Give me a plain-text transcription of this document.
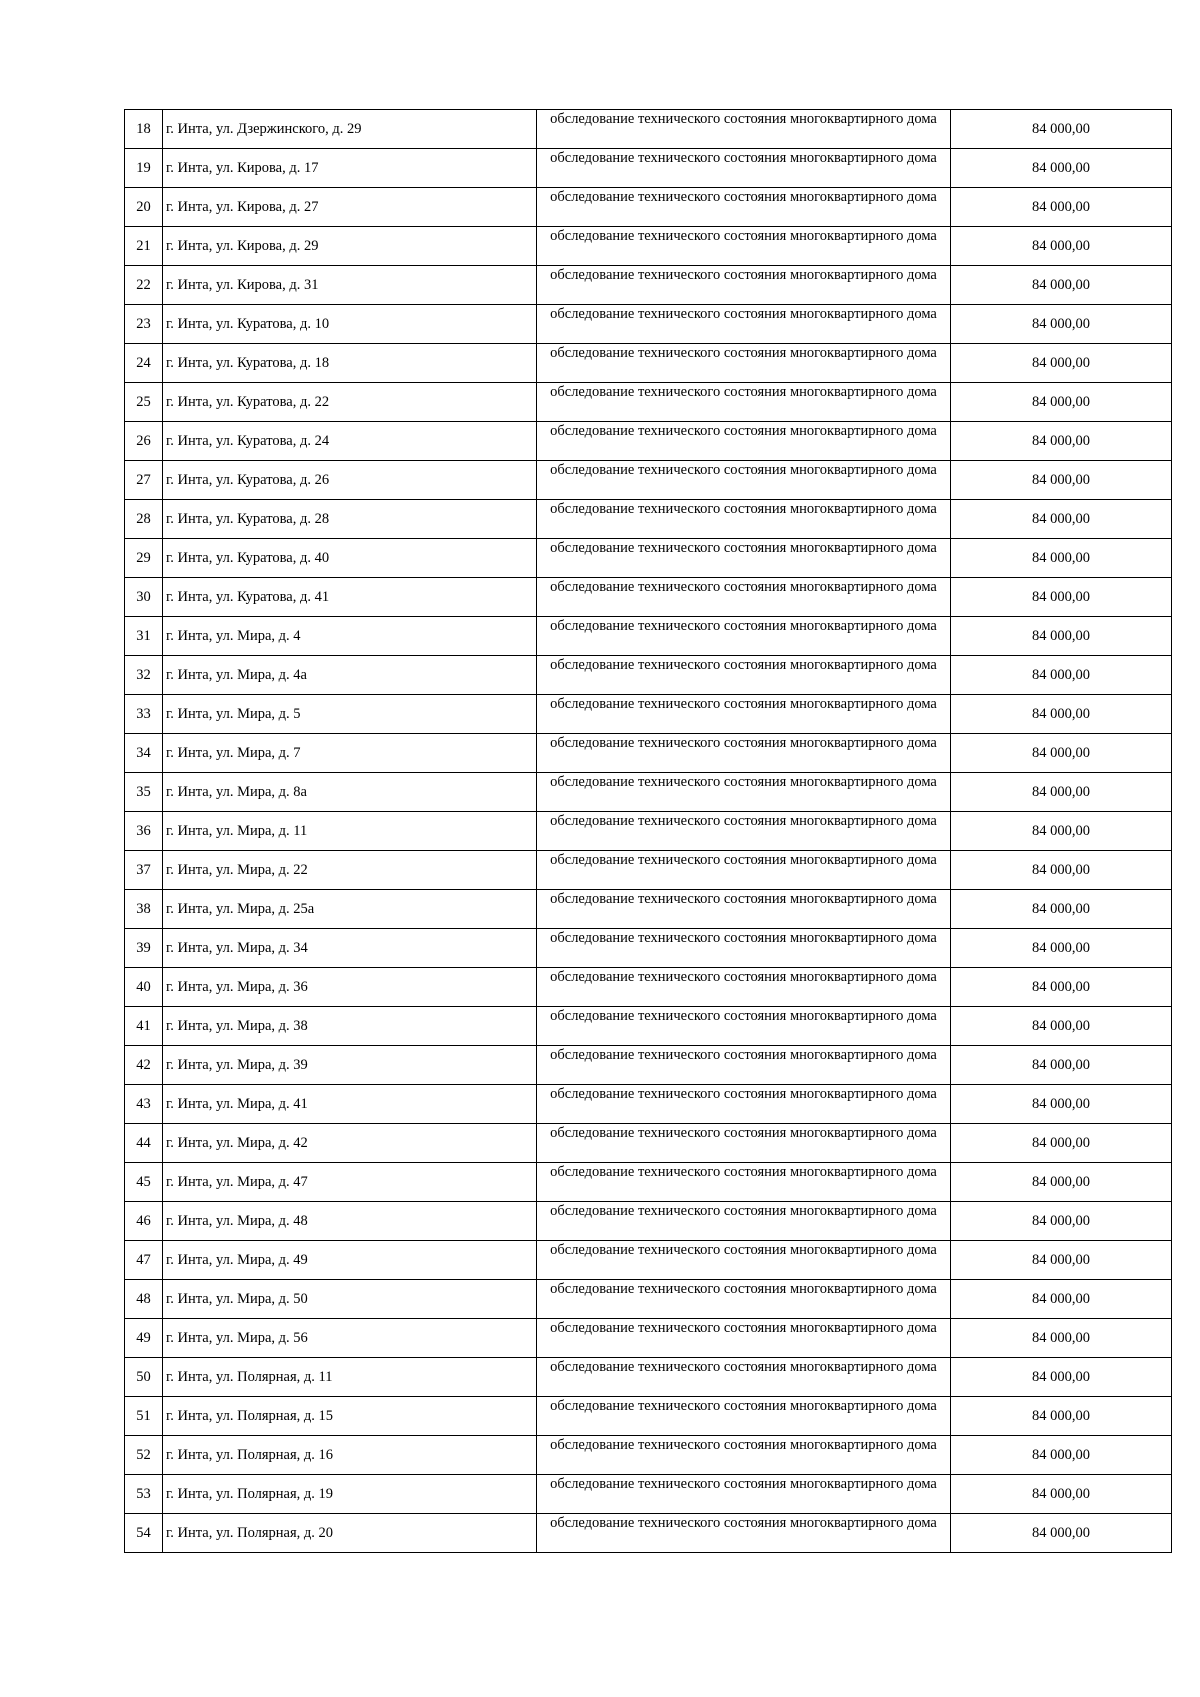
18	г. Инта, ул. Дзержинского, д. 29	обследование технического состояния многоквартирного дома	84 000,00
19	г. Инта, ул. Кирова, д. 17	обследование технического состояния многоквартирного дома	84 000,00
20	г. Инта, ул. Кирова, д. 27	обследование технического состояния многоквартирного дома	84 000,00
21	г. Инта, ул. Кирова, д. 29	обследование технического состояния многоквартирного дома	84 000,00
22	г. Инта, ул. Кирова, д. 31	обследование технического состояния многоквартирного дома	84 000,00
23	г. Инта, ул. Куратова, д. 10	обследование технического состояния многоквартирного дома	84 000,00
24	г. Инта, ул. Куратова, д. 18	обследование технического состояния многоквартирного дома	84 000,00
25	г. Инта, ул. Куратова, д. 22	обследование технического состояния многоквартирного дома	84 000,00
26	г. Инта, ул. Куратова, д. 24	обследование технического состояния многоквартирного дома	84 000,00
27	г. Инта, ул. Куратова, д. 26	обследование технического состояния многоквартирного дома	84 000,00
28	г. Инта, ул. Куратова, д. 28	обследование технического состояния многоквартирного дома	84 000,00
29	г. Инта, ул. Куратова, д. 40	обследование технического состояния многоквартирного дома	84 000,00
30	г. Инта, ул. Куратова, д. 41	обследование технического состояния многоквартирного дома	84 000,00
31	г. Инта, ул. Мира, д. 4	обследование технического состояния многоквартирного дома	84 000,00
32	г. Инта, ул. Мира, д. 4а	обследование технического состояния многоквартирного дома	84 000,00
33	г. Инта, ул. Мира, д. 5	обследование технического состояния многоквартирного дома	84 000,00
34	г. Инта, ул. Мира, д. 7	обследование технического состояния многоквартирного дома	84 000,00
35	г. Инта, ул. Мира, д. 8а	обследование технического состояния многоквартирного дома	84 000,00
36	г. Инта, ул. Мира, д. 11	обследование технического состояния многоквартирного дома	84 000,00
37	г. Инта, ул. Мира, д. 22	обследование технического состояния многоквартирного дома	84 000,00
38	г. Инта, ул. Мира, д. 25а	обследование технического состояния многоквартирного дома	84 000,00
39	г. Инта, ул. Мира, д. 34	обследование технического состояния многоквартирного дома	84 000,00
40	г. Инта, ул. Мира, д. 36	обследование технического состояния многоквартирного дома	84 000,00
41	г. Инта, ул. Мира, д. 38	обследование технического состояния многоквартирного дома	84 000,00
42	г. Инта, ул. Мира, д. 39	обследование технического состояния многоквартирного дома	84 000,00
43	г. Инта, ул. Мира, д. 41	обследование технического состояния многоквартирного дома	84 000,00
44	г. Инта, ул. Мира, д. 42	обследование технического состояния многоквартирного дома	84 000,00
45	г. Инта, ул. Мира, д. 47	обследование технического состояния многоквартирного дома	84 000,00
46	г. Инта, ул. Мира, д. 48	обследование технического состояния многоквартирного дома	84 000,00
47	г. Инта, ул. Мира, д. 49	обследование технического состояния многоквартирного дома	84 000,00
48	г. Инта, ул. Мира, д. 50	обследование технического состояния многоквартирного дома	84 000,00
49	г. Инта, ул. Мира, д. 56	обследование технического состояния многоквартирного дома	84 000,00
50	г. Инта, ул. Полярная, д. 11	обследование технического состояния многоквартирного дома	84 000,00
51	г. Инта, ул. Полярная, д. 15	обследование технического состояния многоквартирного дома	84 000,00
52	г. Инта, ул. Полярная, д. 16	обследование технического состояния многоквартирного дома	84 000,00
53	г. Инта, ул. Полярная, д. 19	обследование технического состояния многоквартирного дома	84 000,00
54	г. Инта, ул. Полярная, д. 20	обследование технического состояния многоквартирного дома	84 000,00
